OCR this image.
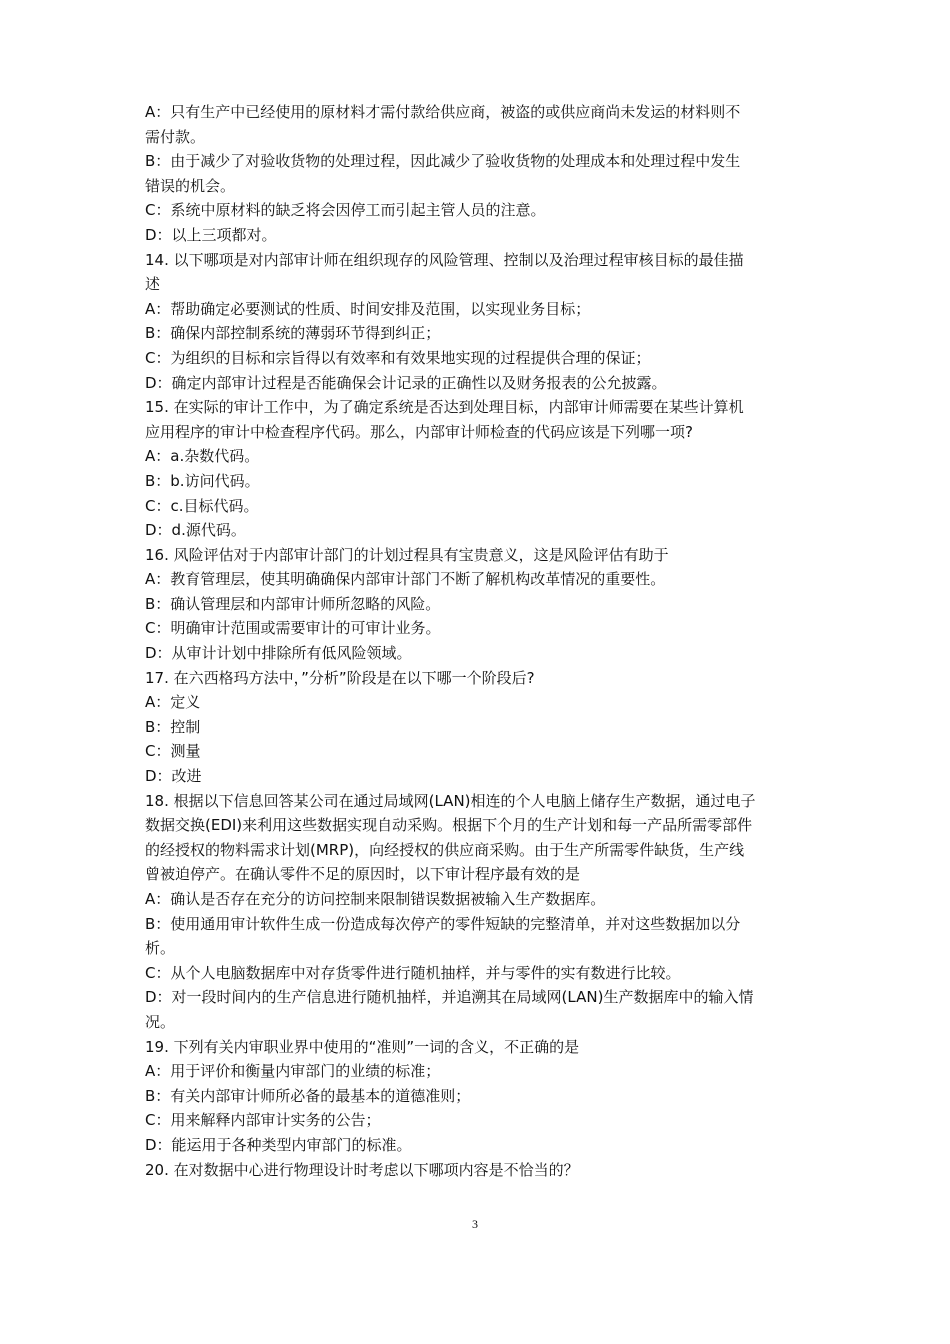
A：只有生产中已经使用的原材料才需付款给供应商，被盗的或供应商尚未发运的材料则不

需付款。

B：由于减少了对验收货物的处理过程，因此减少了验收货物的处理成本和处理过程中发生

错误的机会。

C：系统中原材料的缺乏将会因停工而引起主管人员的注意。

D：以上三项都对。

14. 以下哪项是对内部审计师在组织现存的风险管理、控制以及治理过程审核目标的最佳描

述

A：帮助确定必要测试的性质、时间安排及范围，以实现业务目标；

B：确保内部控制系统的薄弱环节得到纠正；

C：为组织的目标和宗旨得以有效率和有效果地实现的过程提供合理的保证；

D：确定内部审计过程是否能确保会计记录的正确性以及财务报表的公允披露。

15. 在实际的审计工作中，为了确定系统是否达到处理目标，内部审计师需要在某些计算机

应用程序的审计中检查程序代码。那么，内部审计师检查的代码应该是下列哪一项?

A：a.杂数代码。

B：b.访问代码。

C：c.目标代码。

D：d.源代码。

16. 风险评估对于内部审计部门的计划过程具有宝贵意义，这是风险评估有助于

A：教育管理层，使其明确确保内部审计部门不断了解机构改革情况的重要性。

B：确认管理层和内部审计师所忽略的风险。

C：明确审计范围或需要审计的可审计业务。

D：从审计计划中排除所有低风险领域。

17. 在六西格玛方法中，”分析”阶段是在以下哪一个阶段后?

A：定义

B：控制

C：测量

D：改进

18. 根据以下信息回答某公司在通过局域网(LAN)相连的个人电脑上储存生产数据，通过电子

数据交换(EDI)来利用这些数据实现自动采购。根据下个月的生产计划和每一产品所需零部件

的经授权的物料需求计划(MRP)，向经授权的供应商采购。由于生产所需零件缺货，生产线

曾被迫停产。在确认零件不足的原因时，以下审计程序最有效的是

A：确认是否存在充分的访问控制来限制错误数据被输入生产数据库。

B：使用通用审计软件生成一份造成每次停产的零件短缺的完整清单，并对这些数据加以分

析。

C：从个人电脑数据库中对存货零件进行随机抽样，并与零件的实有数进行比较。

D：对一段时间内的生产信息进行随机抽样，并追溯其在局域网(LAN)生产数据库中的输入情

况。

19. 下列有关内审职业界中使用的“准则”一词的含义，不正确的是

A：用于评价和衡量内审部门的业绩的标准；

B：有关内部审计师所必备的最基本的道德准则；

C：用来解释内部审计实务的公告；

D：能运用于各种类型内审部门的标准。

20. 在对数据中心进行物理设计时考虑以下哪项内容是不恰当的？

3
